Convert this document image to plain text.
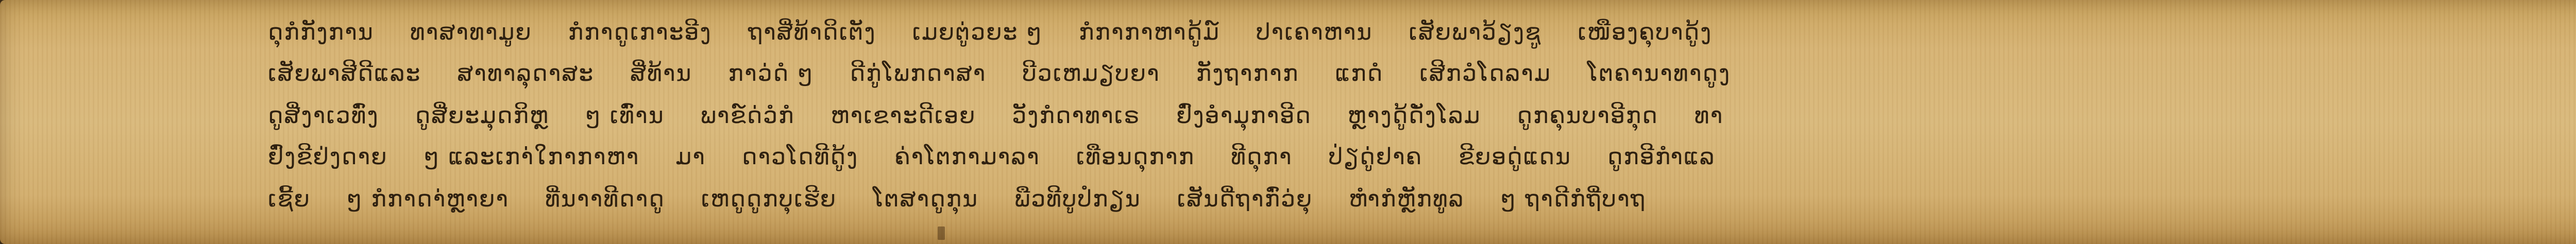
ດຸກໍກັງການ ທາສາທາມູຍ ກໍກາດູເກາະອີງ ຖາສີ່ທ້າດິເຕັງ ເມຍຕູ່ວຍະ ໆ ກໍກາກາຫາດູ້ມ໌ ປາເຄາຫານ ເສັຍພາວ້ຽງຊູ ເໜືອງຄຸບາດູ້ງ
ເສັຍພາສີດີແລະ ສາທາລຸດາສະ ສີ່ທ້ານ ກາວ່ດໍ ໆ ດີກູ່ໂພກດາສາ ບີວເຫມຽບຍາ ກັງຖາກາກ ແກດໍ ເສີກວໍໂດລາມ ໂຕຄານາທາດູງ
ດູສີ່ງາເວທົ່ງ ດູສີ່ຍະມຸດກິຫຼ ໆ ເທົ່ານ ພາຂ໌ດ່ວໍກໍ ຫາເຂາະດີເອຍ ວັງກໍດາທາເຣ ຢົ່ງອໍາມຸກາອີດ ຫຼາງດູ້ດັ່ງໂລມ ດູກຄຸນບາອີກຸດ ທາ
ຢົ່ງຂີຢ່ງດາຍ ໆ ແລະເກາ່ໃກາກາຫາ ມາ ດາວໂດທີດູ້ງ ຄ່າໂຕກາມາລາ ເທືອນດຸກາກ ທີດຸກາ ປ່ຽດູ່ຢາຄ ຂີຍອດູ່ແດນ ດູກອີກຳແລ
ເຊີ້ຍ ໆ ກໍກາດາ່ຫຼາຍາ ທີ່ນາາທີດາດູ ເຫດູດູກບຸເຮີຍ ໂຕສາດູກຸນ ພືວທີບູປໍກຽນ ເສັນດີ່ຖາກົ່ວ່ຍຸ ຫຳກໍຫຼັກທູລ ໆ ຖາດີກໍຖີ່ບາຖ
